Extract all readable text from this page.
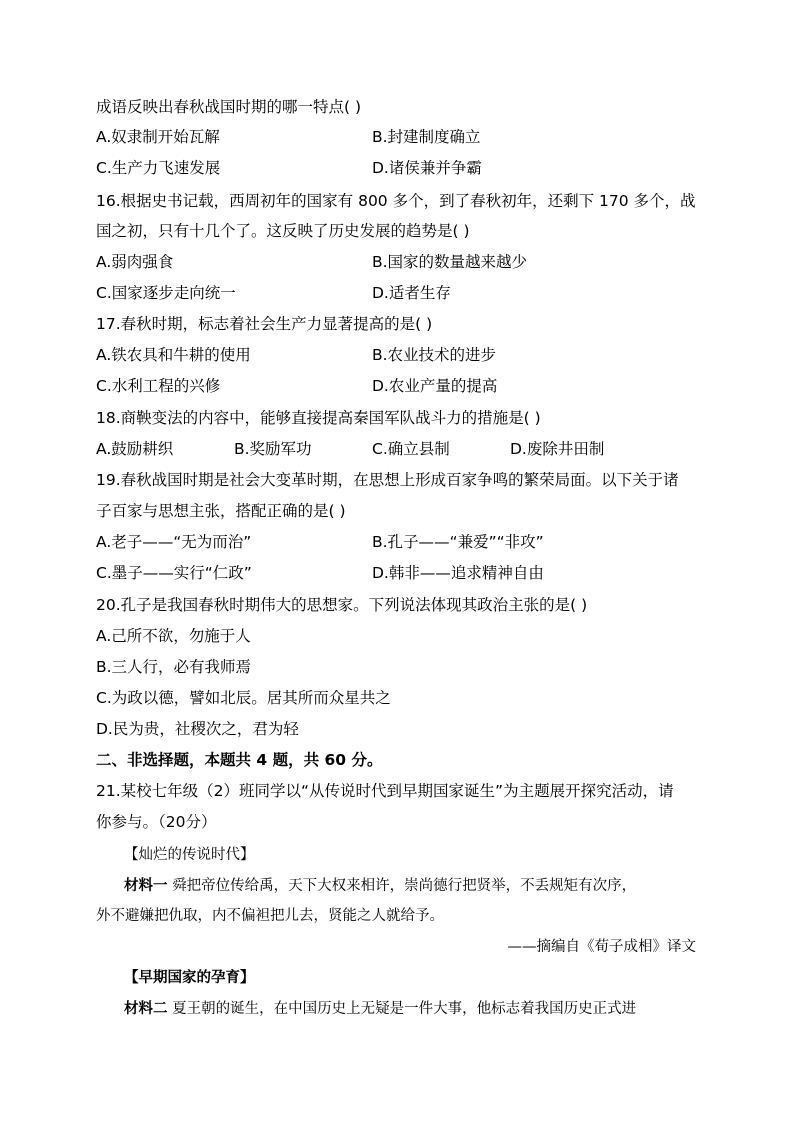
成语反映出春秋战国时期的哪一特点( )
A.奴隶制开始瓦解	B.封建制度确立
C.生产力飞速发展	D.诸侯兼并争霸
16.根据史书记载，西周初年的国家有 800 多个，到了春秋初年，还剩下 170 多个，战
国之初，只有十几个了。这反映了历史发展的趋势是( )
A.弱肉强食	B.国家的数量越来越少
C.国家逐步走向统一	D.适者生存
17.春秋时期，标志着社会生产力显著提高的是( )
A.铁农具和牛耕的使用	B.农业技术的进步
C.水利工程的兴修	D.农业产量的提高
18.商鞅变法的内容中，能够直接提高秦国军队战斗力的措施是( )
A.鼓励耕织	B.奖励军功	C.确立县制	D.废除井田制
19.春秋战国时期是社会大变革时期，在思想上形成百家争鸣的繁荣局面。以下关于诸
子百家与思想主张，搭配正确的是( )
A.老子——“无为而治”	B.孔子——“兼爱”“非攻”
C.墨子——实行“仁政”	D.韩非——追求精神自由
20.孔子是我国春秋时期伟大的思想家。下列说法体现其政治主张的是( )
A.己所不欲，勿施于人
B.三人行，必有我师焉
C.为政以德，譬如北辰。居其所而众星共之
D.民为贵，社稷次之，君为轻
二、非选择题，本题共 4 题，共 60 分。
21.某校七年级（2）班同学以“从传说时代到早期国家诞生”为主题展开探究活动，请
你参与。（20分）
【灿烂的传说时代】
材料一 舜把帝位传给禹，天下大权来相许，崇尚德行把贤举，不丢规矩有次序，
外不避嫌把仇取，内不偏袒把儿去，贤能之人就给予。
——摘编自《荀子成相》译文
【早期国家的孕育】
材料二 夏王朝的诞生，在中国历史上无疑是一件大事，他标志着我国历史正式进
